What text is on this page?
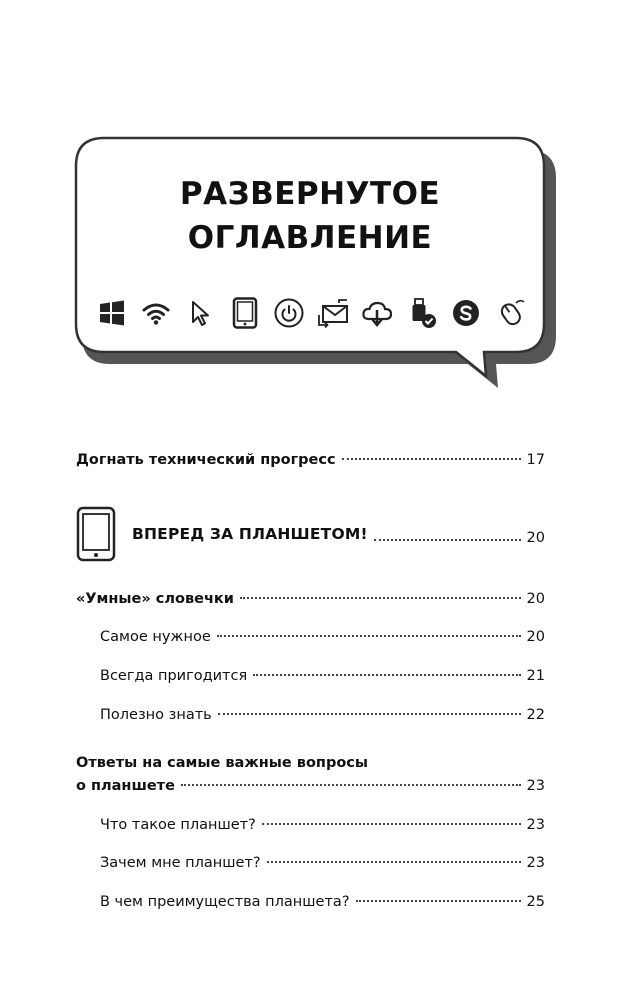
РАЗВЕРНУТОЕ
ОГЛАВЛЕНИЕ
Догнать технический прогресс	17
ВПЕРЕД ЗА ПЛАНШЕТОМ!	20
«Умные» словечки	20
Самое нужное	20
Всегда пригодится	21
Полезно знать	22
Ответы на самые важные вопросы
о планшете	23
Что такое планшет?	23
Зачем мне планшет?	23
В чем преимущества планшета?	25
